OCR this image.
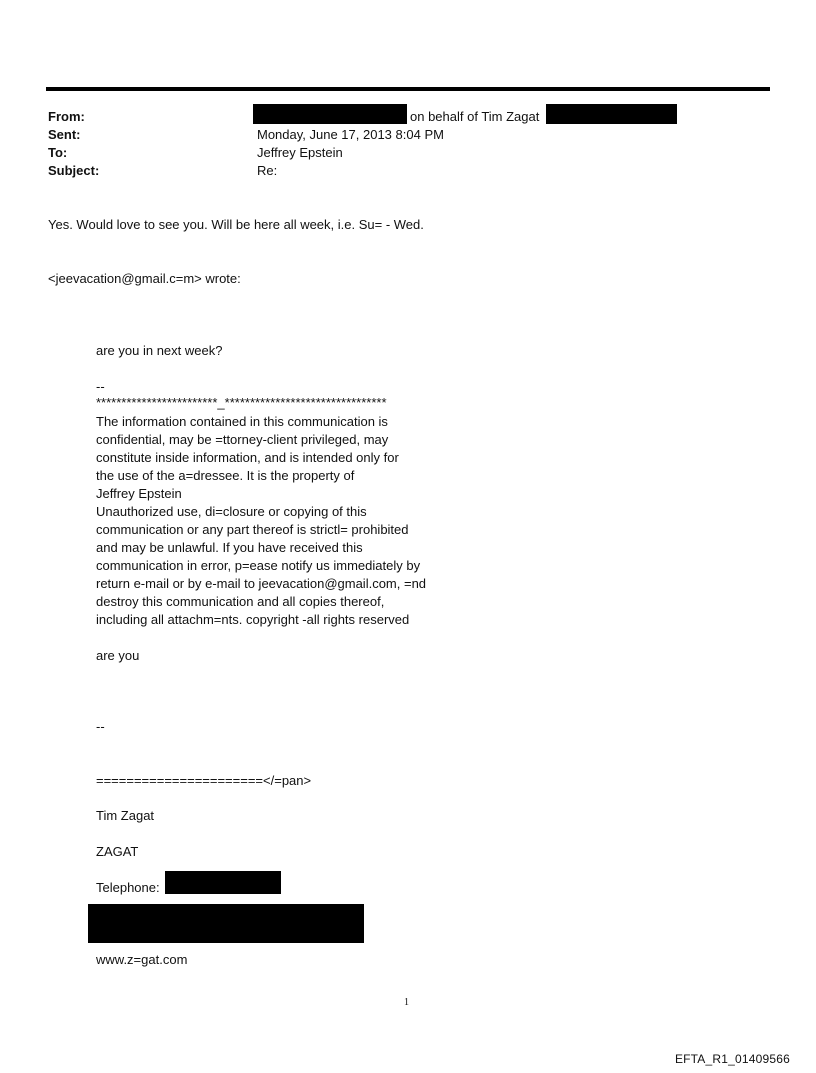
From:	on behalf of Tim Zagat
Sent:	Monday, June 17, 2013 8:04 PM
To:	Jeffrey Epstein
Subject:	Re:
Yes. Would love to see you. Will be here all week, i.e. Su= - Wed.
<jeevacation@gmail.c=m> wrote:
are you in next week?
--
************************_********************************
The information contained in this communication is
confidential, may be =ttorney-client privileged, may
constitute inside information, and is intended only for
the use of the a=dressee. It is the property of
Jeffrey Epstein
Unauthorized use, di=closure or copying of this
communication or any part thereof is strictl= prohibited
and may be unlawful. If you have received this
communication in error, p=ease notify us immediately by
return e-mail or by e-mail to jeevacation@gmail.com, =nd
destroy this communication and all copies thereof,
including all attachm=nts. copyright -all rights reserved
are you
--
======================</=pan>
Tim Zagat
ZAGAT
Telephone:
www.z=gat.com
1
EFTA_R1_01409566
